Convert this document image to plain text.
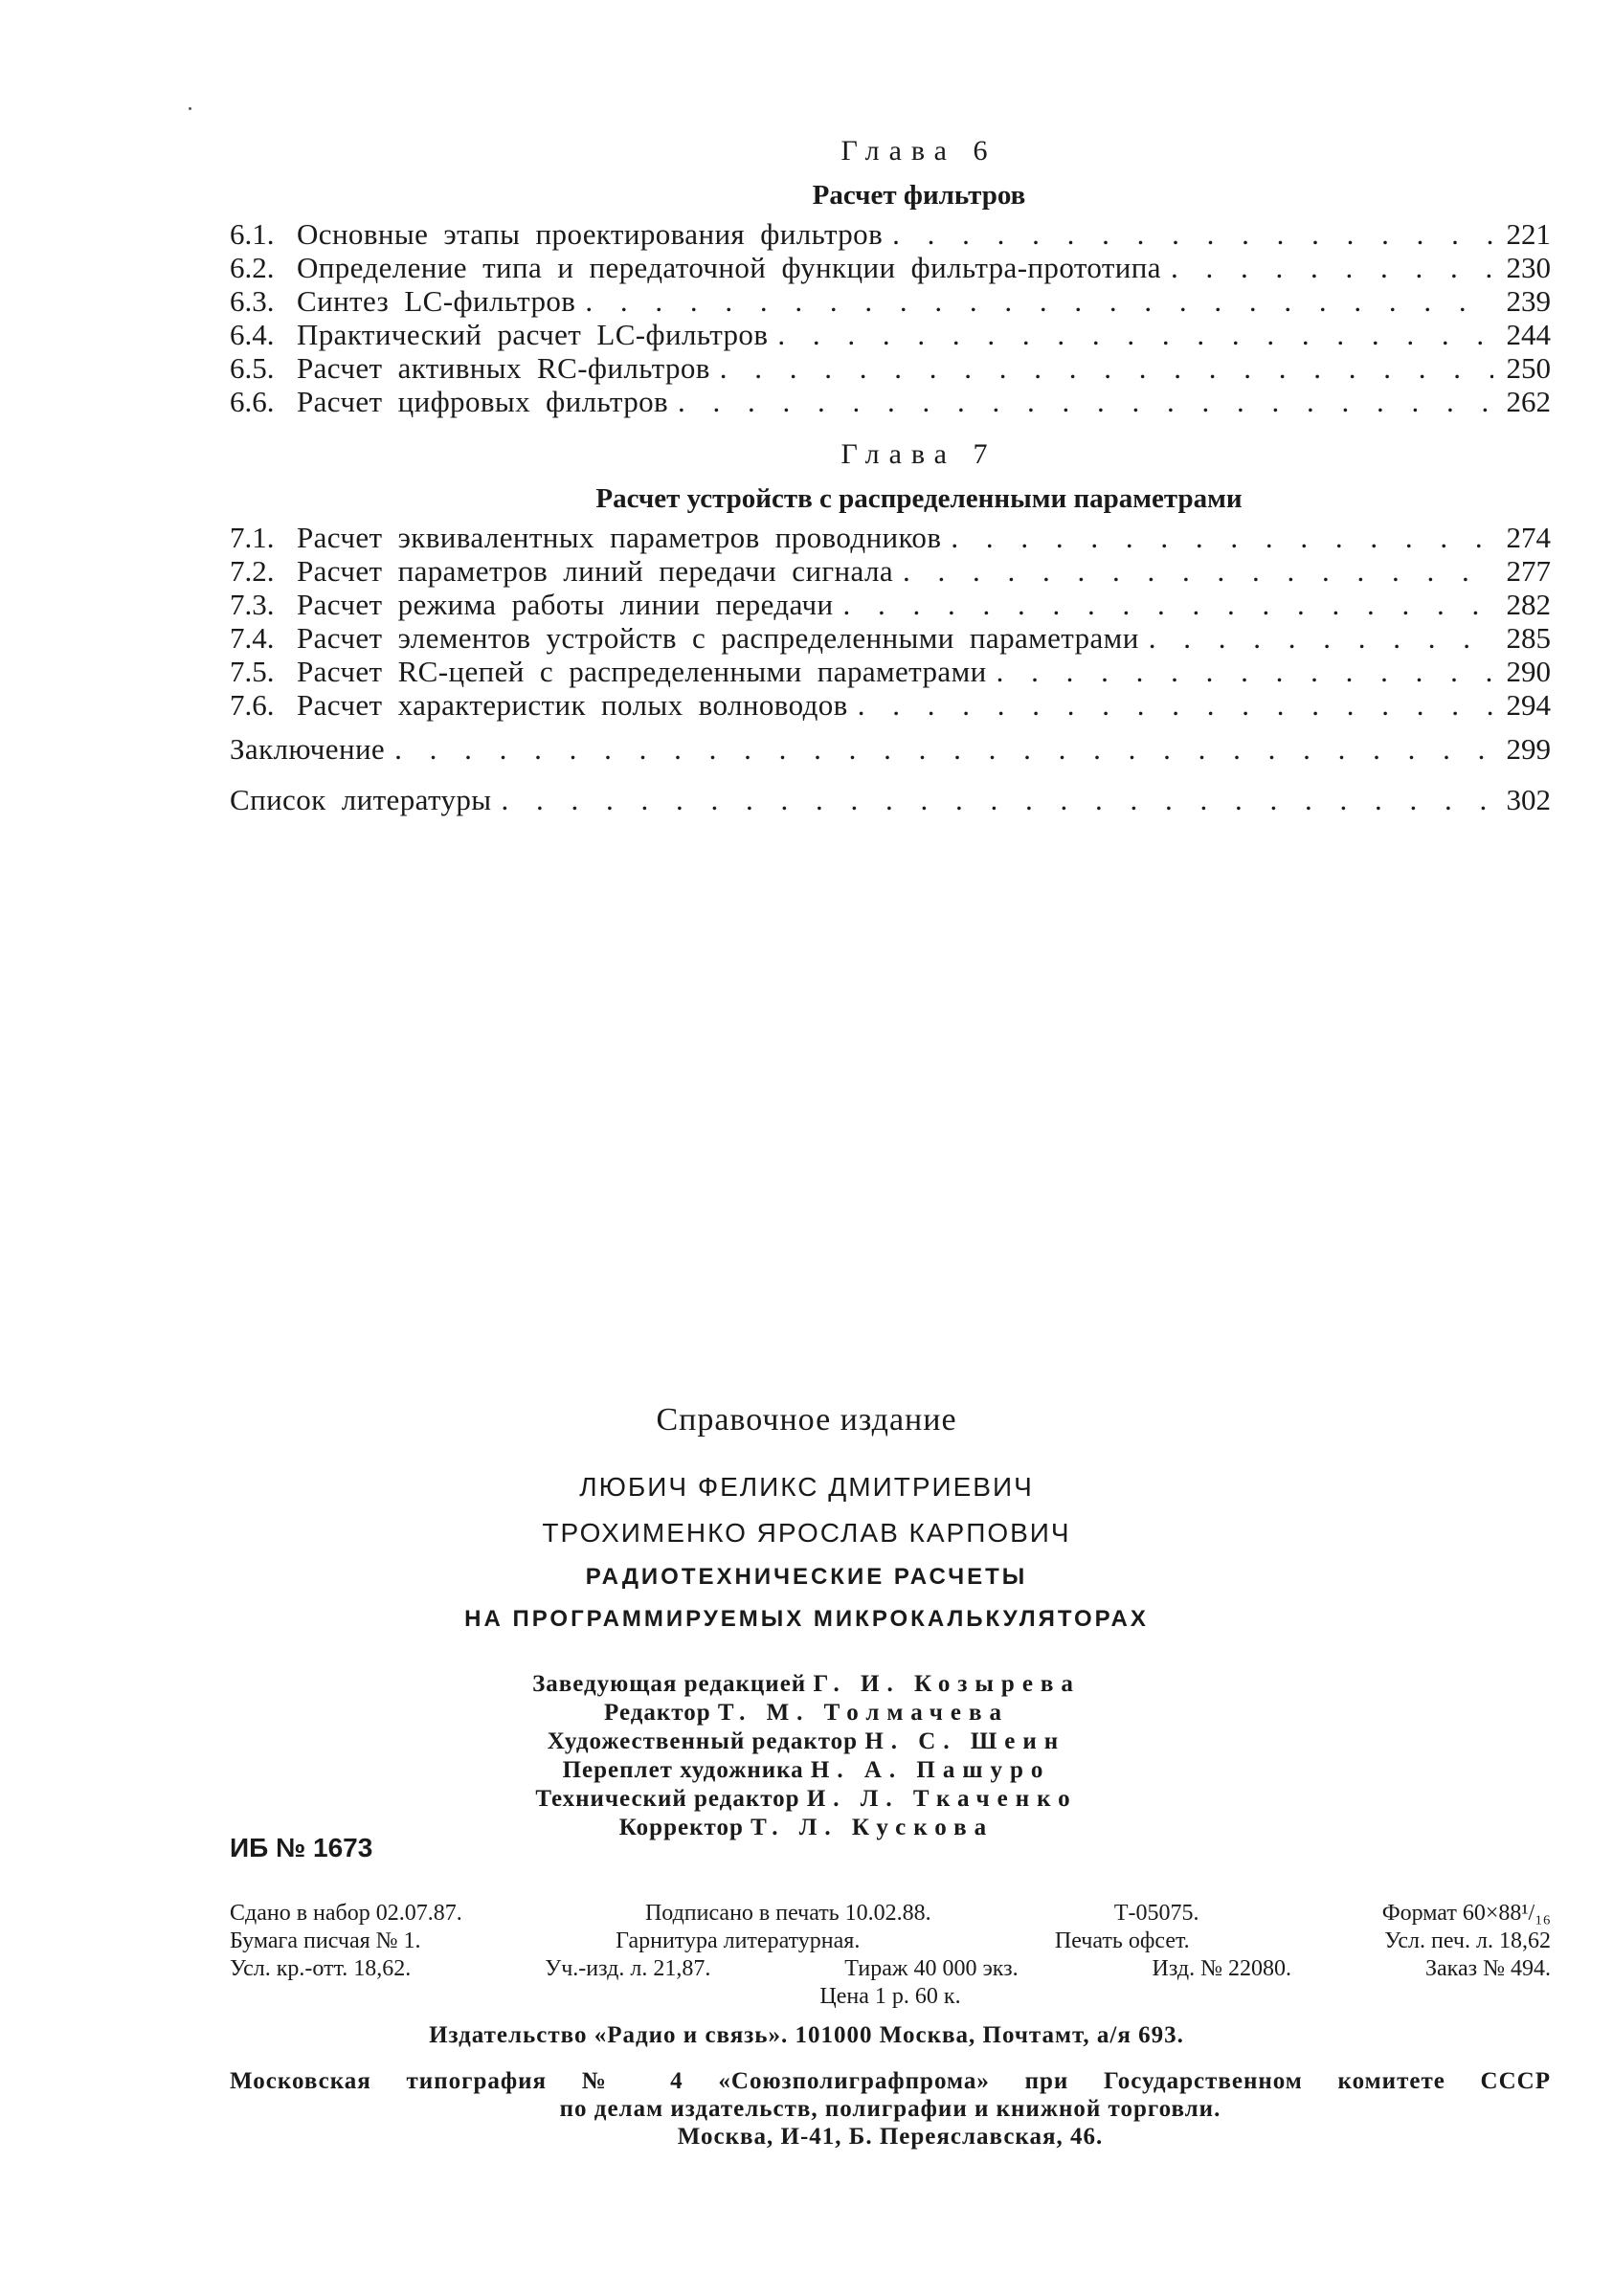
Глава 6
Расчет фильтров
6.1. Основные этапы проектирования фильтров . . .	221
6.2. Определение типа и передаточной функции фильтра-прототипа . . .	230
6.3. Синтез LC-фильтров . . .	239
6.4. Практический расчет LC-фильтров . . .	244
6.5. Расчет активных RC-фильтров . . .	250
6.6. Расчет цифровых фильтров . . .	262
Глава 7
Расчет устройств с распределенными параметрами
7.1. Расчет эквивалентных параметров проводников . . .	274
7.2. Расчет параметров линий передачи сигнала . . .	277
7.3. Расчет режима работы линии передачи . . .	282
7.4. Расчет элементов устройств с распределенными параметрами . . .	285
7.5. Расчет RC-цепей с распределенными параметрами . . .	290
7.6. Расчет характеристик полых волноводов . . .	294
Заключение . . .	299
Список литературы . . .	302
Справочное издание
ЛЮБИЧ ФЕЛИКС ДМИТРИЕВИЧ
ТРОХИМЕНКО ЯРОСЛАВ КАРПОВИЧ
РАДИОТЕХНИЧЕСКИЕ РАСЧЕТЫ
НА ПРОГРАММИРУЕМЫХ МИКРОКАЛЬКУЛЯТОРАХ
Заведующая редакцией Г. И. Козырева
Редактор Т. М. Толмачева
Художественный редактор Н. С. Шеин
Переплет художника Н. А. Пашуро
Технический редактор И. Л. Ткаченко
Корректор Т. Л. Кускова
ИБ № 1673
Сдано в набор 02.07.87.	Подписано в печать 10.02.88.	Т-05075.	Формат 60×88¹/₁₆
Бумага писчая № 1.	Гарнитура литературная.	Печать офсет.	Усл. печ. л. 18,62
Усл. кр.-отт. 18,62.	Уч.-изд. л. 21,87.	Тираж 40 000 экз.	Изд. № 22080.	Заказ № 494.
Цена 1 р. 60 к.
Издательство «Радио и связь». 101000 Москва, Почтамт, а/я 693.
Московская типография № 4 «Союзполиграфпрома» при Государственном комитете СССР
по делам издательств, полиграфии и книжной торговли.
Москва, И-41, Б. Переяславская, 46.
